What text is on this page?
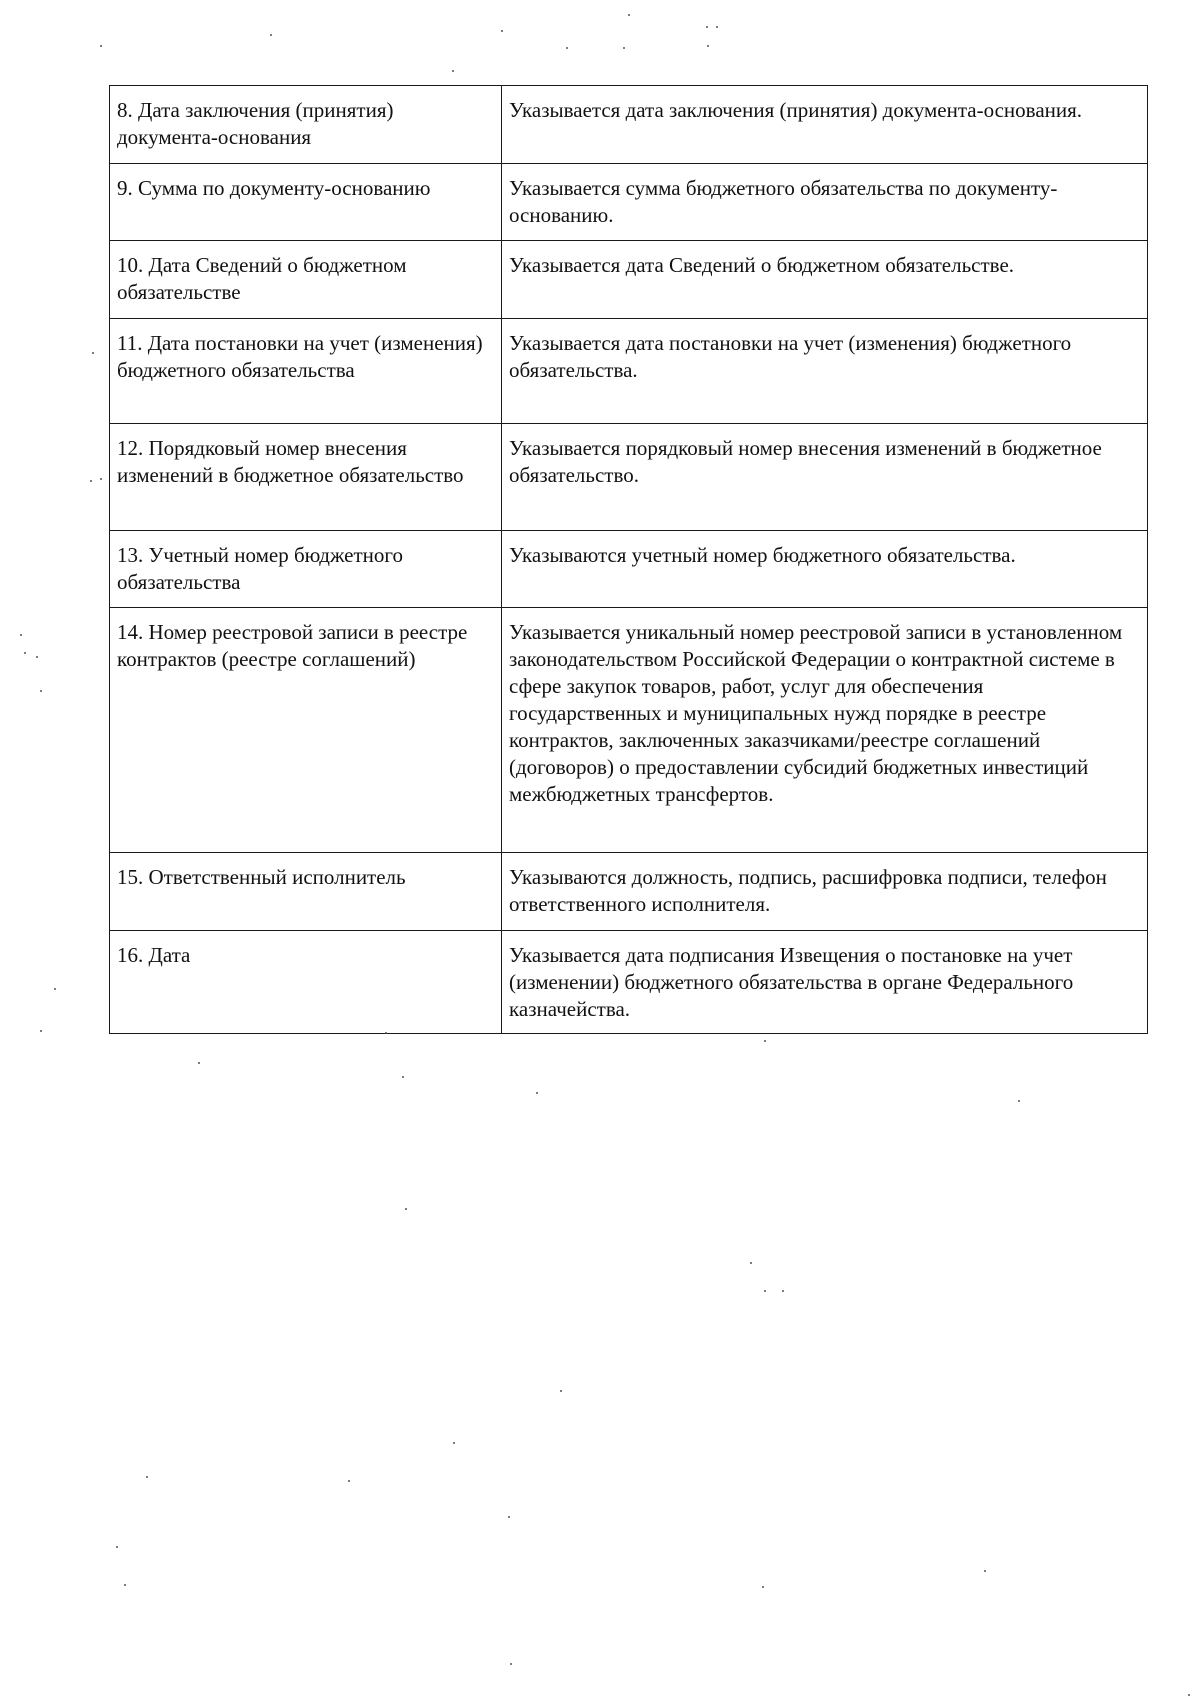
8. Дата заключения (принятия) документа-основания	Указывается дата заключения (принятия) документа-основания.
9. Сумма по документу-основанию	Указывается сумма бюджетного обязательства по документу-основанию.
10. Дата Сведений о бюджетном обязательстве	Указывается дата Сведений о бюджетном обязательстве.
11. Дата постановки на учет (изменения) бюджетного обязательства	Указывается дата постановки на учет (изменения) бюджетного обязательства.
12. Порядковый номер внесения изменений в бюджетное обязательство	Указывается порядковый номер внесения изменений в бюджетное обязательство.
13. Учетный номер бюджетного обязательства	Указываются учетный номер бюджетного обязательства.
14. Номер реестровой записи в реестре контрактов (реестре соглашений)	Указывается уникальный номер реестровой записи в установленном законодательством Российской Федерации о контрактной системе в сфере закупок товаров, работ, услуг для обеспечения государственных и муниципальных нужд порядке в реестре контрактов, заключенных заказчиками/реестре соглашений (договоров) о предоставлении субсидий бюджетных инвестиций межбюджетных трансфертов.
15. Ответственный исполнитель	Указываются должность, подпись, расшифровка подписи, телефон ответственного исполнителя.
16. Дата	Указывается дата подписания Извещения о постановке на учет (изменении) бюджетного обязательства в органе Федерального казначейства.
